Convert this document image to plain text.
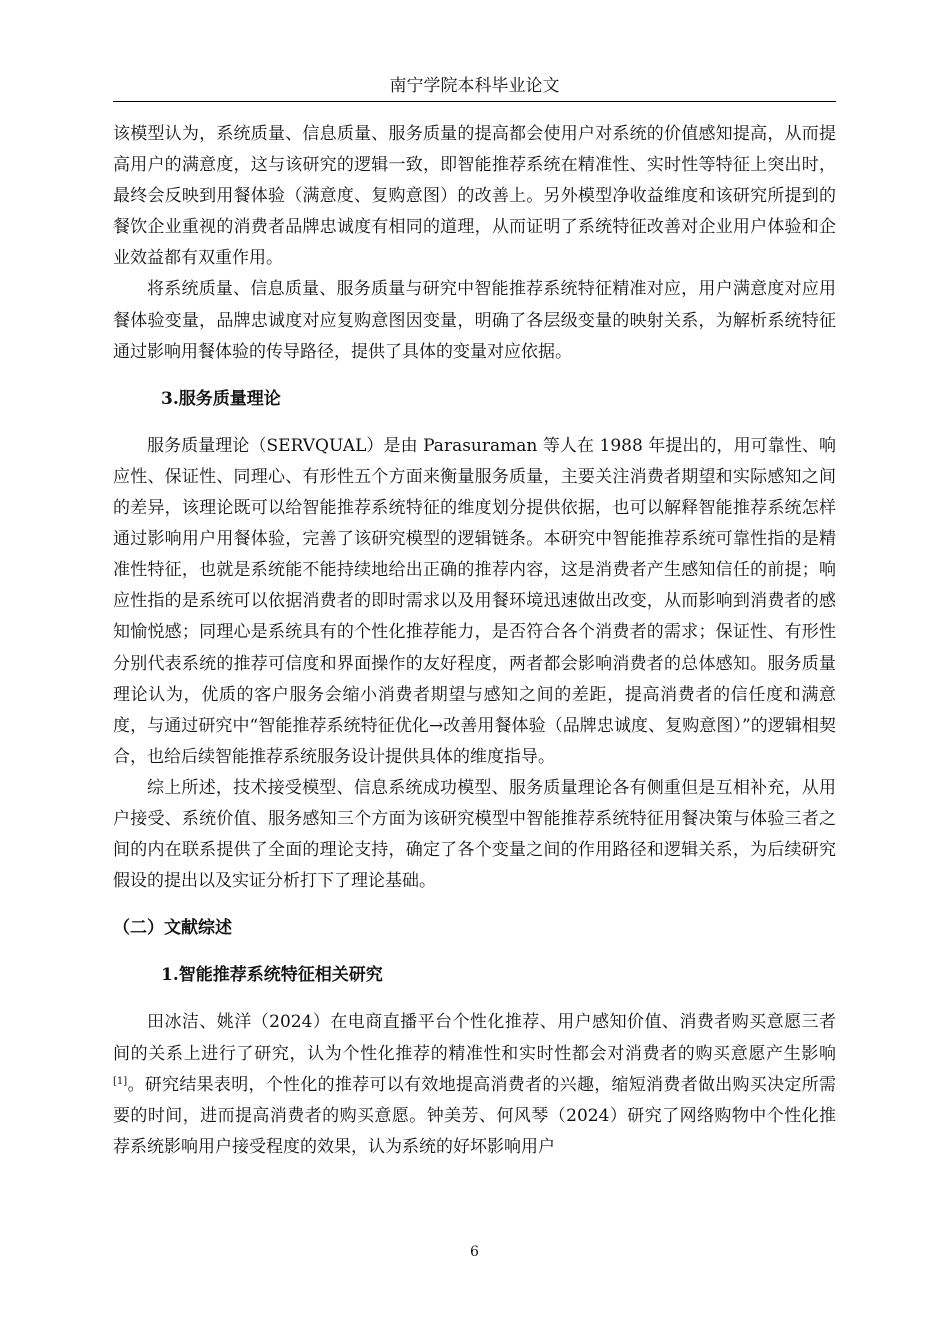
南宁学院本科毕业论文

该模型认为，系统质量、信息质量、服务质量的提高都会使用户对系统的价值感知提高，从而提高用户的满意度，这与该研究的逻辑一致，即智能推荐系统在精准性、实时性等特征上突出时，最终会反映到用餐体验（满意度、复购意图）的改善上。另外模型净收益维度和该研究所提到的餐饮企业重视的消费者品牌忠诚度有相同的道理，从而证明了系统特征改善对企业用户体验和企业效益都有双重作用。

将系统质量、信息质量、服务质量与研究中智能推荐系统特征精准对应，用户满意度对应用餐体验变量，品牌忠诚度对应复购意图因变量，明确了各层级变量的映射关系，为解析系统特征通过影响用餐体验的传导路径，提供了具体的变量对应依据。

3.服务质量理论

服务质量理论（SERVQUAL）是由 Parasuraman 等人在 1988 年提出的，用可靠性、响应性、保证性、同理心、有形性五个方面来衡量服务质量，主要关注消费者期望和实际感知之间的差异，该理论既可以给智能推荐系统特征的维度划分提供依据，也可以解释智能推荐系统怎样通过影响用户用餐体验，完善了该研究模型的逻辑链条。本研究中智能推荐系统可靠性指的是精准性特征，也就是系统能不能持续地给出正确的推荐内容，这是消费者产生感知信任的前提；响应性指的是系统可以依据消费者的即时需求以及用餐环境迅速做出改变，从而影响到消费者的感知愉悦感；同理心是系统具有的个性化推荐能力，是否符合各个消费者的需求；保证性、有形性分别代表系统的推荐可信度和界面操作的友好程度，两者都会影响消费者的总体感知。服务质量理论认为，优质的客户服务会缩小消费者期望与感知之间的差距，提高消费者的信任度和满意度，与通过研究中“智能推荐系统特征优化→改善用餐体验（品牌忠诚度、复购意图）”的逻辑相契合，也给后续智能推荐系统服务设计提供具体的维度指导。

综上所述，技术接受模型、信息系统成功模型、服务质量理论各有侧重但是互相补充，从用户接受、系统价值、服务感知三个方面为该研究模型中智能推荐系统特征用餐决策与体验三者之间的内在联系提供了全面的理论支持，确定了各个变量之间的作用路径和逻辑关系，为后续研究假设的提出以及实证分析打下了理论基础。

（二）文献综述

1.智能推荐系统特征相关研究

田冰洁、姚洋（2024）在电商直播平台个性化推荐、用户感知价值、消费者购买意愿三者间的关系上进行了研究，认为个性化推荐的精准性和实时性都会对消费者的购买意愿产生影响[1]。研究结果表明，个性化的推荐可以有效地提高消费者的兴趣，缩短消费者做出购买决定所需要的时间，进而提高消费者的购买意愿。钟美芳、何风琴（2024）研究了网络购物中个性化推荐系统影响用户接受程度的效果，认为系统的好坏影响用户

6
